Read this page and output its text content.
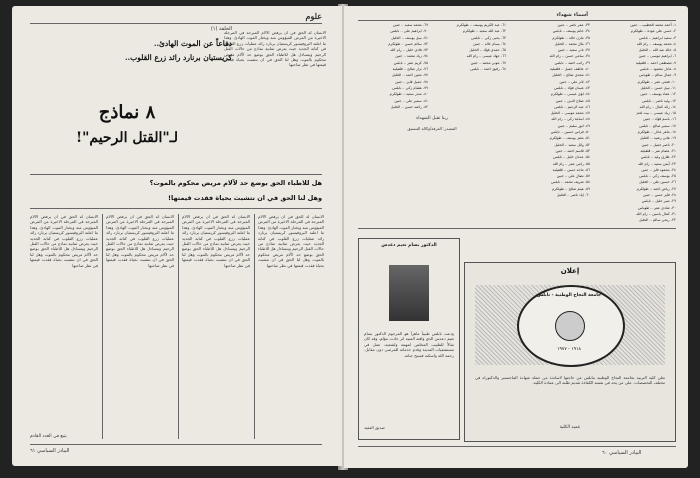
علوم
الحلقة (١)
دفاعاً عن الموت الهادئ..
كريستيان برنارد رائد زرع القلوب..
٨ نماذج
لـ"القتل الرحيم"!
الانسان له الحق في ان يرفض الالام المبرحة في المرحلة الاخيرة من المرض الميؤوس منه ويختار الموت الهادئ. وهذا ما اعلنه البروفيسور كريستيان برنارد رائد عمليات زرع القلوب في كتابه الجديد حيث يعرض ثمانية نماذج من حالات القتل الرحيم ويتساءل هل للاطباء الحق بوضع حد لآلام مريض محكوم بالموت وهل لنا الحق في ان نتشبث بحياة فقدت قيمتها في نظر صاحبها
هل للاطباء الحق بوضع حد لآلام مريض محكوم بالموت؟
وهل لنا الحق في ان نتشبث بحياة فقدت قيمتها!
الانسان له الحق في ان يرفض الالام المبرحة في المرحلة الاخيرة من المرض الميؤوس منه ويختار الموت الهادئ. وهذا ما اعلنه البروفيسور كريستيان برنارد رائد عمليات زرع القلوب في كتابه الجديد حيث يعرض ثمانية نماذج من حالات القتل الرحيم ويتساءل هل للاطباء الحق بوضع حد لآلام مريض محكوم بالموت وهل لنا الحق في ان نتشبث بحياة فقدت قيمتها في نظر صاحبها
الانسان له الحق في ان يرفض الالام المبرحة في المرحلة الاخيرة من المرض الميؤوس منه ويختار الموت الهادئ. وهذا ما اعلنه البروفيسور كريستيان برنارد رائد عمليات زرع القلوب في كتابه الجديد حيث يعرض ثمانية نماذج من حالات القتل الرحيم ويتساءل هل للاطباء الحق بوضع حد لآلام مريض محكوم بالموت وهل لنا الحق في ان نتشبث بحياة فقدت قيمتها في نظر صاحبها
الانسان له الحق في ان يرفض الالام المبرحة في المرحلة الاخيرة من المرض الميؤوس منه ويختار الموت الهادئ. وهذا ما اعلنه البروفيسور كريستيان برنارد رائد عمليات زرع القلوب في كتابه الجديد حيث يعرض ثمانية نماذج من حالات القتل الرحيم ويتساءل هل للاطباء الحق بوضع حد لآلام مريض محكوم بالموت وهل لنا الحق في ان نتشبث بحياة فقدت قيمتها في نظر صاحبها
الانسان له الحق في ان يرفض الالام المبرحة في المرحلة الاخيرة من المرض الميؤوس منه ويختار الموت الهادئ. وهذا ما اعلنه البروفيسور كريستيان برنارد رائد عمليات زرع القلوب في كتابه الجديد حيث يعرض ثمانية نماذج من حالات القتل الرحيم ويتساءل هل للاطباء الحق بوضع حد لآلام مريض محكوم بالموت وهل لنا الحق في ان نتشبث بحياة فقدت قيمتها في نظر صاحبها
يتبع في العدد القادم
البيادر السياسي ٦١
أسماء شهداء
١- أحمد محمد الخطيب .. جنين
٢- حسن علي عودة .. طولكرم
٣- سعيد ابراهيم .. نابلس
٤- محمد يوسف .. رام الله
٥- خالد عبد الله .. الخليل
٦- ابراهيم موسى .. جنين
٧- مصطفى احمد .. قلقيلية
٨- عادل محمود .. نابلس
٩- جمال سالم .. طوباس
١٠- فتحي عمر .. طولكرم
١١- نبيل حسن .. الخليل
١٢- عماد يوسف .. جنين
١٣- وليد ناصر .. نابلس
١٤- رائد كمال .. رام الله
١٥- زياد عيسى .. بيت لحم
١٦- باسم فؤاد .. جنين
١٧- سمير صالح .. نابلس
١٨- ماهر عادل .. طولكرم
١٩- هاني رشيد .. الخليل
٢٠- ناصر جميل .. جنين
٢١- عصام نمر .. قلقيلية
٢٢- طارق وليد .. نابلس
٢٣- أيمن سعيد .. رام الله
٢٤- محمود فايز .. جنين
٢٥- يوسف زكي .. نابلس
٢٦- حسين علي .. الخليل
٢٧- رياض احمد .. طولكرم
٢٨- فايز حسن .. جنين
٢٩- منير خليل .. نابلس
٣٠- شادي عمر .. طوباس
٣١- كمال ياسين .. رام الله
٣٢- ربحي سالم .. الخليل
٣٣- عمر ناصر .. جنين
٣٤- حاتم يوسف .. نابلس
٣٥- مازن خالد .. طولكرم
٣٦- بلال محمد .. الخليل
٣٧- نادر سعيد .. جنين
٣٨- سامي حسن .. رام الله
٣٩- راتب احمد .. نابلس
٤٠- عاطف جميل .. قلقيلية
٤١- مجدي صالح .. الخليل
٤٢- ثائر علي .. جنين
٤٣- غسان فؤاد .. نابلس
٤٤- لؤي عيسى .. طولكرم
٤٥- صلاح الدين .. جنين
٤٦- عبد الرحيم .. نابلس
٤٧- محمد موسى .. الخليل
٤٨- اسامة زكي .. رام الله
٤٩- انور سليم .. جنين
٥٠- فراس حسين .. نابلس
٥١- معتز يوسف .. طولكرم
٥٢- وائل سعيد .. الخليل
٥٣- قاسم احمد .. جنين
٥٤- عدنان خليل .. نابلس
٥٥- رامي عمر .. رام الله
٥٦- ماجد حسن .. قلقيلية
٥٧- نضال علي .. جنين
٥٨- شريف محمد .. نابلس
٥٩- هيثم صالح .. طولكرم
٦٠- إياد ناصر .. الخليل
٦١- عبد الكريم يوسف .. طولكرم
٦٢- عبد الله سعيد .. طولكرم
٦٣- يحيى زكي .. نابلس
٦٤- بسام خالد .. جنين
٦٥- حمدي فؤاد .. الخليل
٦٦- جهاد عيسى .. رام الله
٦٧- عوني محمد .. جنين
٦٨- رفيق احمد .. نابلس
٦٩- محمد سعيد .. جنين
٧٠- ابراهيم علي .. نابلس
٧١- نبيل يوسف .. الخليل
٧٢- سالم حسن .. طولكرم
٧٣- فادي خليل .. رام الله
٧٤- زياد محمد .. جنين
٧٥- كريم عمر .. نابلس
٧٦- نزار صالح .. قلقيلية
٧٧- معين احمد .. الخليل
٧٨- جميل فايز .. جنين
٧٩- هشام زكي .. نابلس
٨٠- منذر سعيد .. طولكرم
٨١- سمير علي .. جنين
٨٢- راشد حسن .. الخليل
ربنا تقبل الشهداء
المصدر: الغرفة/وكالة التنسيق
الدكتور بسام نعيم دعدس
ودعت نابلس طبيباً ماهراً هو المرحوم الدكتور بسام نعيم دعدس الذي وافته المنية اثر حادث مؤلم، وقد كان مثالاً للطبيب المخلص لمهنته ولشعبه، عمل في مستشفيات المدينة وقدم خدماته للمرضى دون مقابل. رحمه الله واسكنه فسيح جناته.
صديق الفقيد
إعلان
جامعة النجاح الوطنية - نابلس
١٩١٨ - ١٩٧٧
تعلن كلية التربية بجامعة النجاح الوطنية بنابلس عن حاجتها لاساتذة من حملة شهادة الماجستير والدكتوراه في مختلف التخصصات. على من يجد في نفسه الكفاءة تقديم طلبه الى عمادة الكلية.
عميد الكلية
البيادر السياسي ٦٠
